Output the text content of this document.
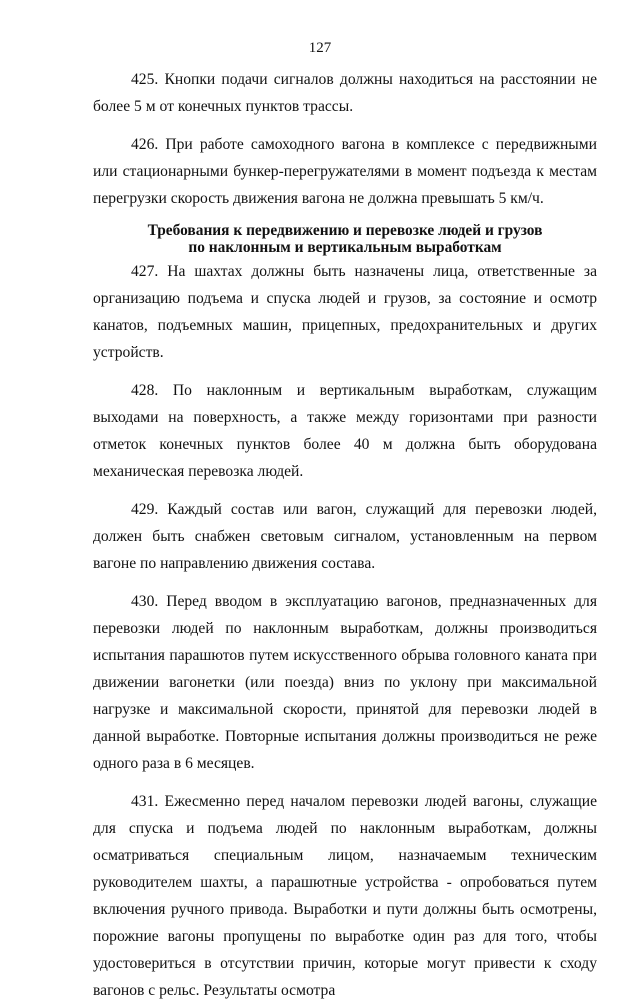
127

425. Кнопки подачи сигналов должны находиться на расстоянии не более 5 м от конечных пунктов трассы.

426. При работе самоходного вагона в комплексе с передвижными или стационарными бункер-перегружателями в момент подъезда к местам перегрузки скорость движения вагона не должна превышать 5 км/ч.

Требования к передвижению и перевозке людей и грузов
по наклонным и вертикальным выработкам

427. На шахтах должны быть назначены лица, ответственные за организацию подъема и спуска людей и грузов, за состояние и осмотр канатов, подъемных машин, прицепных, предохранительных и других устройств.

428. По наклонным и вертикальным выработкам, служащим выходами на поверхность, а также между горизонтами при разности отметок конечных пунктов более 40 м должна быть оборудована механическая перевозка людей.

429. Каждый состав или вагон, служащий для перевозки людей, должен быть снабжен световым сигналом, установленным на первом вагоне по направлению движения состава.

430. Перед вводом в эксплуатацию вагонов, предназначенных для перевозки людей по наклонным выработкам, должны производиться испытания парашютов путем искусственного обрыва головного каната при движении вагонетки (или поезда) вниз по уклону при максимальной нагрузке и максимальной скорости, принятой для перевозки людей в данной выработке. Повторные испытания должны производиться не реже одного раза в 6 месяцев.

431. Ежесменно перед началом перевозки людей вагоны, служащие для спуска и подъема людей по наклонным выработкам, должны осматриваться специальным лицом, назначаемым техническим руководителем шахты, а парашютные устройства - опробоваться путем включения ручного привода. Выработки и пути должны быть осмотрены, порожние вагоны пропущены по выработке один раз для того, чтобы удостовериться в отсутствии причин, которые могут привести к сходу вагонов с рельс. Результаты осмотра
